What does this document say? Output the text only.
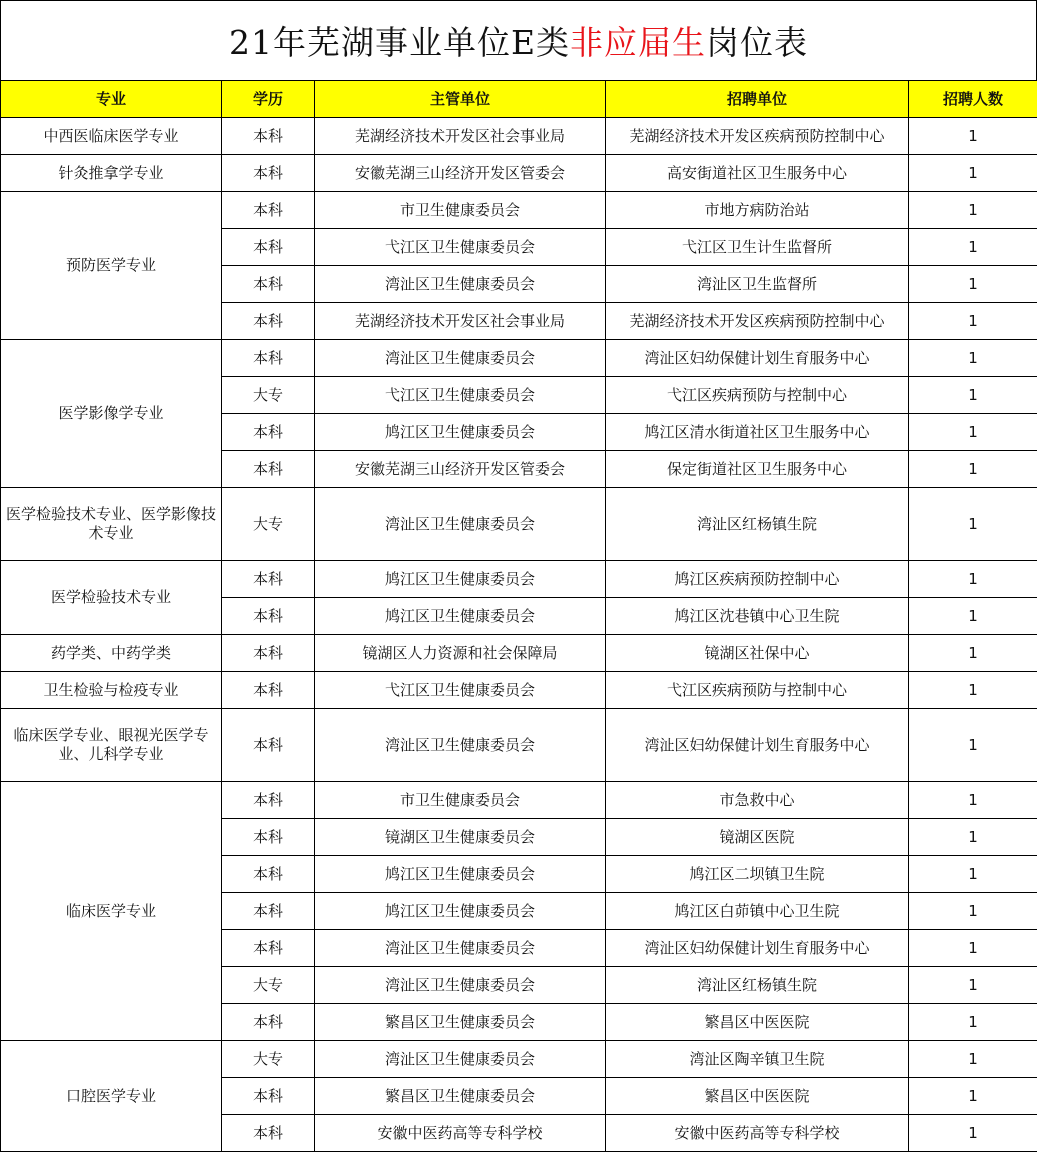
21年芜湖事业单位E类 非应届生 岗位表
专业	学历	主管单位	招聘单位	招聘人数
中西医临床医学专业	本科	芜湖经济技术开发区社会事业局	芜湖经济技术开发区疾病预防控制中心	1
针灸推拿学专业	本科	安徽芜湖三山经济开发区管委会	高安街道社区卫生服务中心	1
预防医学专业	本科	市卫生健康委员会	市地方病防治站	1
	本科	弋江区卫生健康委员会	弋江区卫生计生监督所	1
	本科	湾沚区卫生健康委员会	湾沚区卫生监督所	1
	本科	芜湖经济技术开发区社会事业局	芜湖经济技术开发区疾病预防控制中心	1
医学影像学专业	本科	湾沚区卫生健康委员会	湾沚区妇幼保健计划生育服务中心	1
	大专	弋江区卫生健康委员会	弋江区疾病预防与控制中心	1
	本科	鸠江区卫生健康委员会	鸠江区清水街道社区卫生服务中心	1
	本科	安徽芜湖三山经济开发区管委会	保定街道社区卫生服务中心	1
医学检验技术专业、医学影像技术专业	大专	湾沚区卫生健康委员会	湾沚区红杨镇生院	1
医学检验技术专业	本科	鸠江区卫生健康委员会	鸠江区疾病预防控制中心	1
	本科	鸠江区卫生健康委员会	鸠江区沈巷镇中心卫生院	1
药学类、中药学类	本科	镜湖区人力资源和社会保障局	镜湖区社保中心	1
卫生检验与检疫专业	本科	弋江区卫生健康委员会	弋江区疾病预防与控制中心	1
临床医学专业、眼视光医学专业、儿科学专业	本科	湾沚区卫生健康委员会	湾沚区妇幼保健计划生育服务中心	1
临床医学专业	本科	市卫生健康委员会	市急救中心	1
	本科	镜湖区卫生健康委员会	镜湖区医院	1
	本科	鸠江区卫生健康委员会	鸠江区二坝镇卫生院	1
	本科	鸠江区卫生健康委员会	鸠江区白茆镇中心卫生院	1
	本科	湾沚区卫生健康委员会	湾沚区妇幼保健计划生育服务中心	1
	大专	湾沚区卫生健康委员会	湾沚区红杨镇生院	1
	本科	繁昌区卫生健康委员会	繁昌区中医医院	1
口腔医学专业	大专	湾沚区卫生健康委员会	湾沚区陶辛镇卫生院	1
	本科	繁昌区卫生健康委员会	繁昌区中医医院	1
	本科	安徽中医药高等专科学校	安徽中医药高等专科学校	1
